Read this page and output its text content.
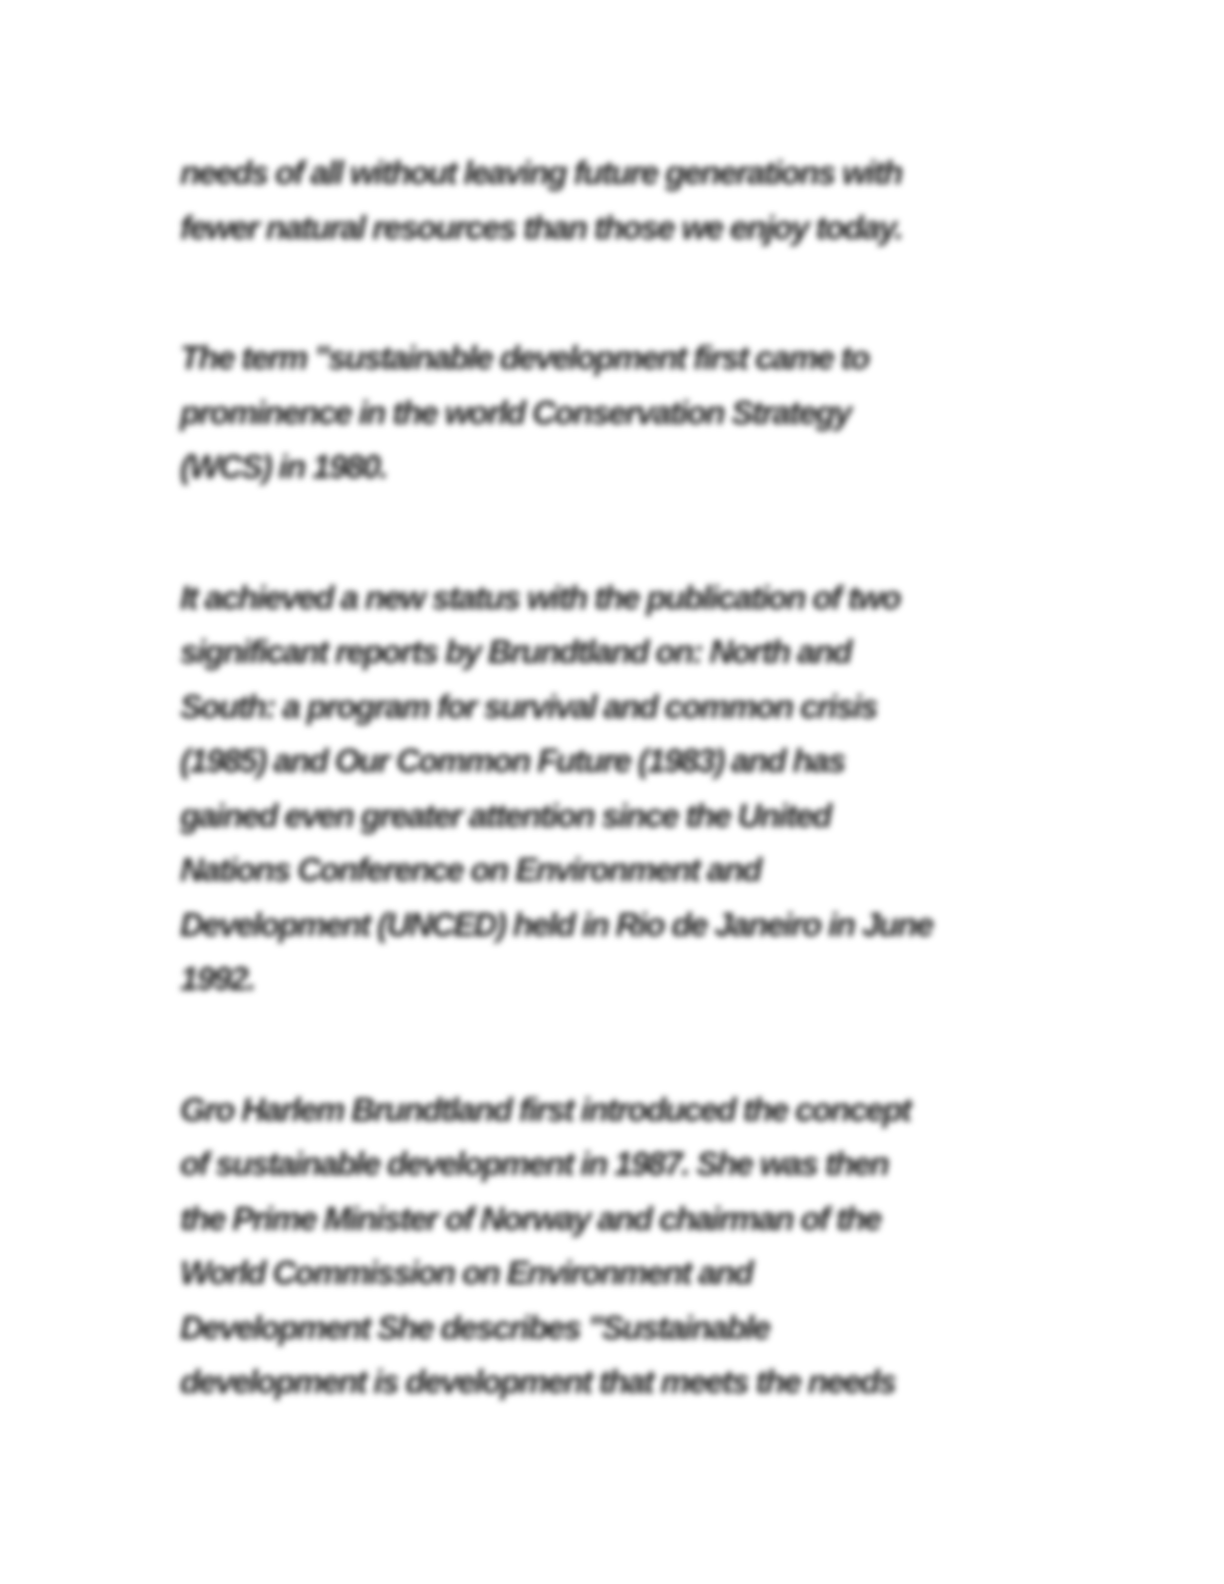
needs of all without leaving future generations with
fewer natural resources than those we enjoy today.

The term "sustainable development first came to
prominence in the world Conservation Strategy
(WCS) in 1980.

It achieved a new status with the publication of two
significant reports by Brundtland on: North and
South: a program for survival and common crisis
(1985) and Our Common Future (1983) and has
gained even greater attention since the United
Nations Conference on Environment and
Development (UNCED) held in Rio de Janeiro in June
1992.

Gro Harlem Brundtland first introduced the concept
of sustainable development in 1987. She was then
the Prime Minister of Norway and chairman of the
World Commission on Environment and
Development She describes "Sustainable
development is development that meets the needs
